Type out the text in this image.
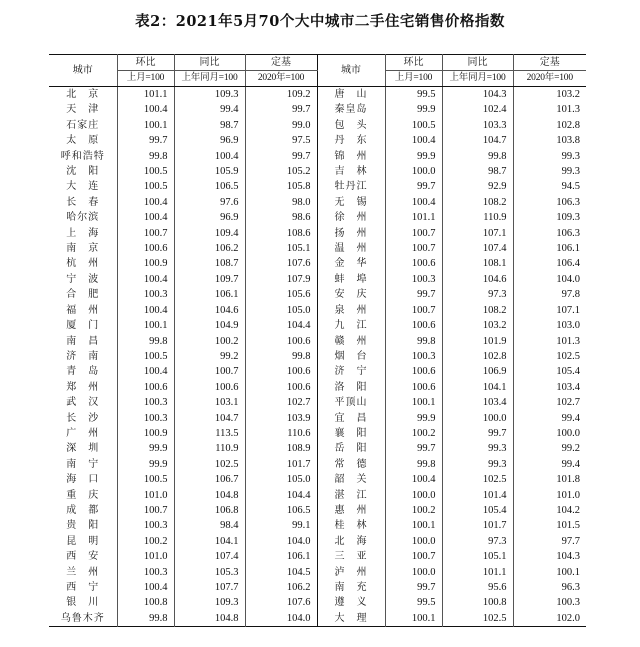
表2：2021年5月70个大中城市二手住宅销售价格指数
城市	环比	同比	定基	城市	环比	同比	定基
	上月=100	上年同月=100	2020年=100		上月=100	上年同月=100	2020年=100
北　京	101.1	109.3	109.2	唐　山	99.5	104.3	103.2
天　津	100.4	99.4	99.7	秦皇岛	99.9	102.4	101.3
石家庄	100.1	98.7	99.0	包　头	100.5	103.3	102.8
太　原	99.7	96.9	97.5	丹　东	100.4	104.7	103.8
呼和浩特	99.8	100.4	99.7	锦　州	99.9	99.8	99.3
沈　阳	100.5	105.9	105.2	吉　林	100.0	98.7	99.3
大　连	100.5	106.5	105.8	牡丹江	99.7	92.9	94.5
长　春	100.4	97.6	98.0	无　锡	100.4	108.2	106.3
哈尔滨	100.4	96.9	98.6	徐　州	101.1	110.9	109.3
上　海	100.7	109.4	108.6	扬　州	100.7	107.1	106.3
南　京	100.6	106.2	105.1	温　州	100.7	107.4	106.1
杭　州	100.9	108.7	107.6	金　华	100.6	108.1	106.4
宁　波	100.4	109.7	107.9	蚌　埠	100.3	104.6	104.0
合　肥	100.3	106.1	105.6	安　庆	99.7	97.3	97.8
福　州	100.4	104.6	105.0	泉　州	100.7	108.2	107.1
厦　门	100.1	104.9	104.4	九　江	100.6	103.2	103.0
南　昌	99.8	100.2	100.6	赣　州	99.8	101.9	101.3
济　南	100.5	99.2	99.8	烟　台	100.3	102.8	102.5
青　岛	100.4	100.7	100.6	济　宁	100.6	106.9	105.4
郑　州	100.6	100.6	100.6	洛　阳	100.6	104.1	103.4
武　汉	100.3	103.1	102.7	平顶山	100.1	103.4	102.7
长　沙	100.3	104.7	103.9	宜　昌	99.9	100.0	99.4
广　州	100.9	113.5	110.6	襄　阳	100.2	99.7	100.0
深　圳	99.9	110.9	108.9	岳　阳	99.7	99.3	99.2
南　宁	99.9	102.5	101.7	常　德	99.8	99.3	99.4
海　口	100.5	106.7	105.0	韶　关	100.4	102.5	101.8
重　庆	101.0	104.8	104.4	湛　江	100.0	101.4	101.0
成　都	100.7	106.8	106.5	惠　州	100.2	105.4	104.2
贵　阳	100.3	98.4	99.1	桂　林	100.1	101.7	101.5
昆　明	100.2	104.1	104.0	北　海	100.0	97.3	97.7
西　安	101.0	107.4	106.1	三　亚	100.7	105.1	104.3
兰　州	100.3	105.3	104.5	泸　州	100.0	101.1	100.1
西　宁	100.4	107.7	106.2	南　充	99.7	95.6	96.3
银　川	100.8	109.3	107.6	遵　义	99.5	100.8	100.3
乌鲁木齐	99.8	104.8	104.0	大　理	100.1	102.5	102.0
